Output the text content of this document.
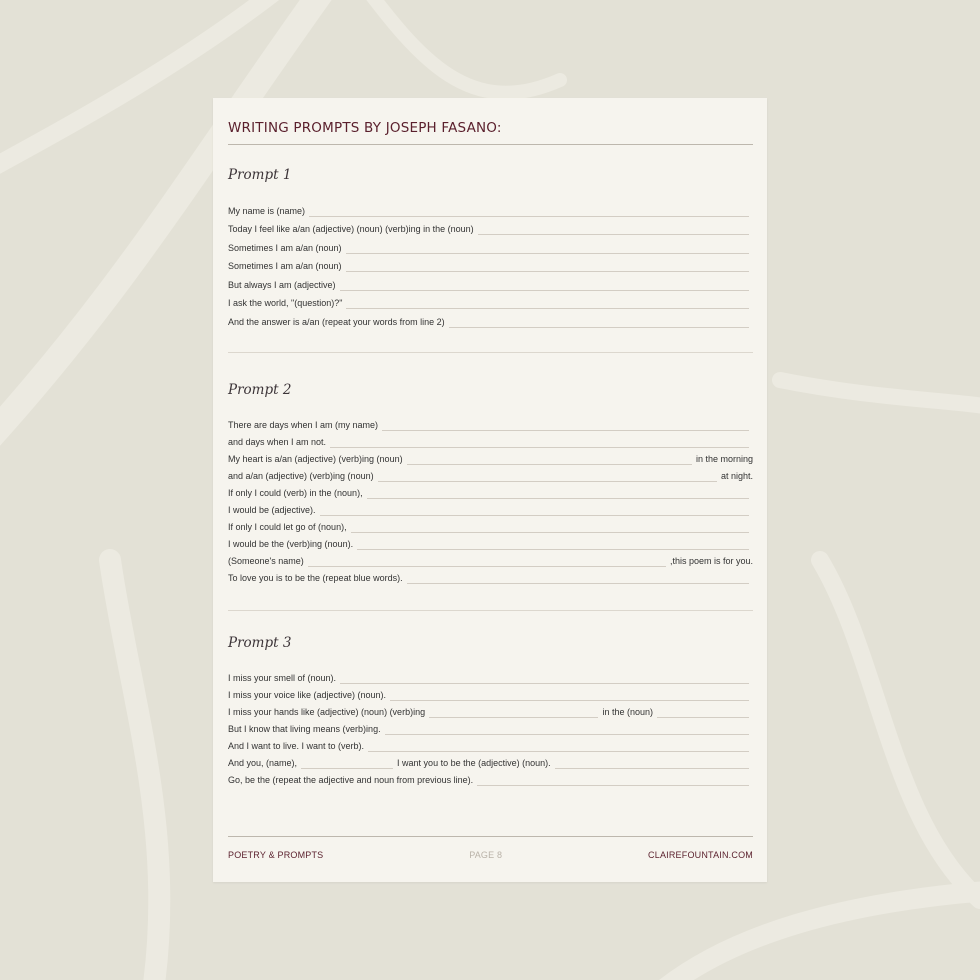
WRITING PROMPTS BY JOSEPH FASANO:
Prompt 1
My name is (name)
Today I feel like a/an (adjective) (noun) (verb)ing in the (noun)
Sometimes I am a/an (noun)
Sometimes I am a/an (noun)
But always I am (adjective)
I ask the world, "(question)?"
And the answer is a/an (repeat your words from line 2)
Prompt 2
There are days when I am (my name)
and days when I am not.
My heart is a/an (adjective) (verb)ing (noun)	in the morning
and a/an (adjective) (verb)ing (noun)	at night.
If only I could (verb) in the (noun),
I would be (adjective).
If only I could let go of (noun),
I would be the (verb)ing (noun).
(Someone's name)	,this poem is for you.
To love you is to be the (repeat blue words).
Prompt 3
I miss your smell of (noun).
I miss your voice like (adjective) (noun).
I miss your hands like (adjective) (noun) (verb)ing	in the (noun)
But I know that living means (verb)ing.
And I want to live. I want to (verb).
And you, (name),	I want you to be the (adjective) (noun).
Go, be the (repeat the adjective and noun from previous line).
POETRY & PROMPTS	PAGE 8	CLAIREFOUNTAIN.COM
